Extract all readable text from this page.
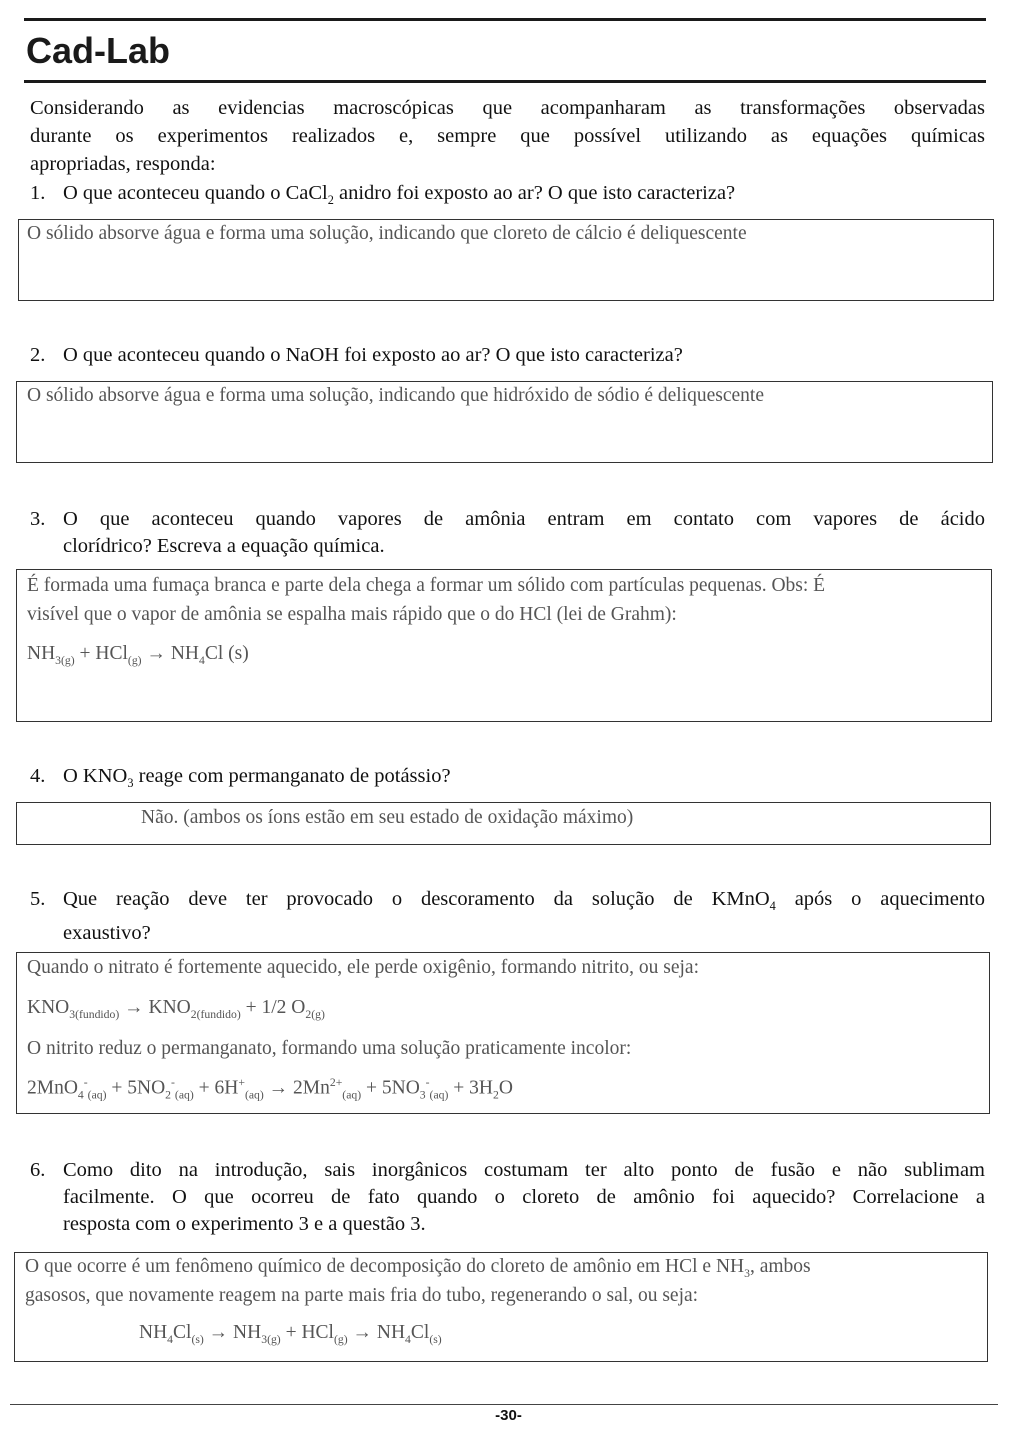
Cad-Lab
Considerando as evidencias macroscópicas que acompanharam as transformações observadas
durante os experimentos realizados e, sempre que possível utilizando as equações químicas
apropriadas, responda:
1. O que aconteceu quando o CaCl$_2$ anidro foi exposto ao ar? O que isto caracteriza?
O sólido absorve água e forma uma solução, indicando que cloreto de cálcio é deliquescente
2. O que aconteceu quando o NaOH foi exposto ao ar? O que isto caracteriza?
O sólido absorve água e forma uma solução, indicando que hidróxido de sódio é deliquescente
3. O que aconteceu quando vapores de amônia entram em contato com vapores de ácido
clorídrico? Escreva a equação química.
É formada uma fumaça branca e parte dela chega a formar um sólido com partículas pequenas. Obs: É
visível que o vapor de amônia se espalha mais rápido que o do HCl (lei de Grahm):
$NH_{3(g)} + HCl_{(g)} \to NH_4Cl$ (s)
4. O $KNO_3$ reage com permanganato de potássio?
Não. (ambos os íons estão em seu estado de oxidação máximo)
5. Que reação deve ter provocado o descoramento da solução de KMnO$_4$ após o aquecimento
exaustivo?
Quando o nitrato é fortemente aquecido, ele perde oxigênio, formando nitrito, ou seja:
$KNO_{3(fundido)} \to KNO_{2(fundido)} + 1/2$ $O_{2(g)}$
O nitrito reduz o permanganato, formando uma solução praticamente incolor:
$2MnO_4^-_{(aq)} + 5NO_2^-_{(aq)} + 6H^+_{(aq)} \to 2Mn^{2+}_{(aq)} + 5NO_3^-_{(aq)} + 3H_2O$
6. Como dito na introdução, sais inorgânicos costumam ter alto ponto de fusão e não sublimam
facilmente. O que ocorreu de fato quando o cloreto de amônio foi aquecido? Correlacione a
resposta com o experimento 3 e a questão 3.
O que ocorre é um fenômeno químico de decomposição do cloreto de amônio em HCl e $NH_3$, ambos
gasosos, que novamente reagem na parte mais fria do tubo, regenerando o sal, ou seja:
$NH_4Cl_{(s)} \to NH_{3(g)} + HCl_{(g)} \to NH_4Cl_{(s)}$
-30-
